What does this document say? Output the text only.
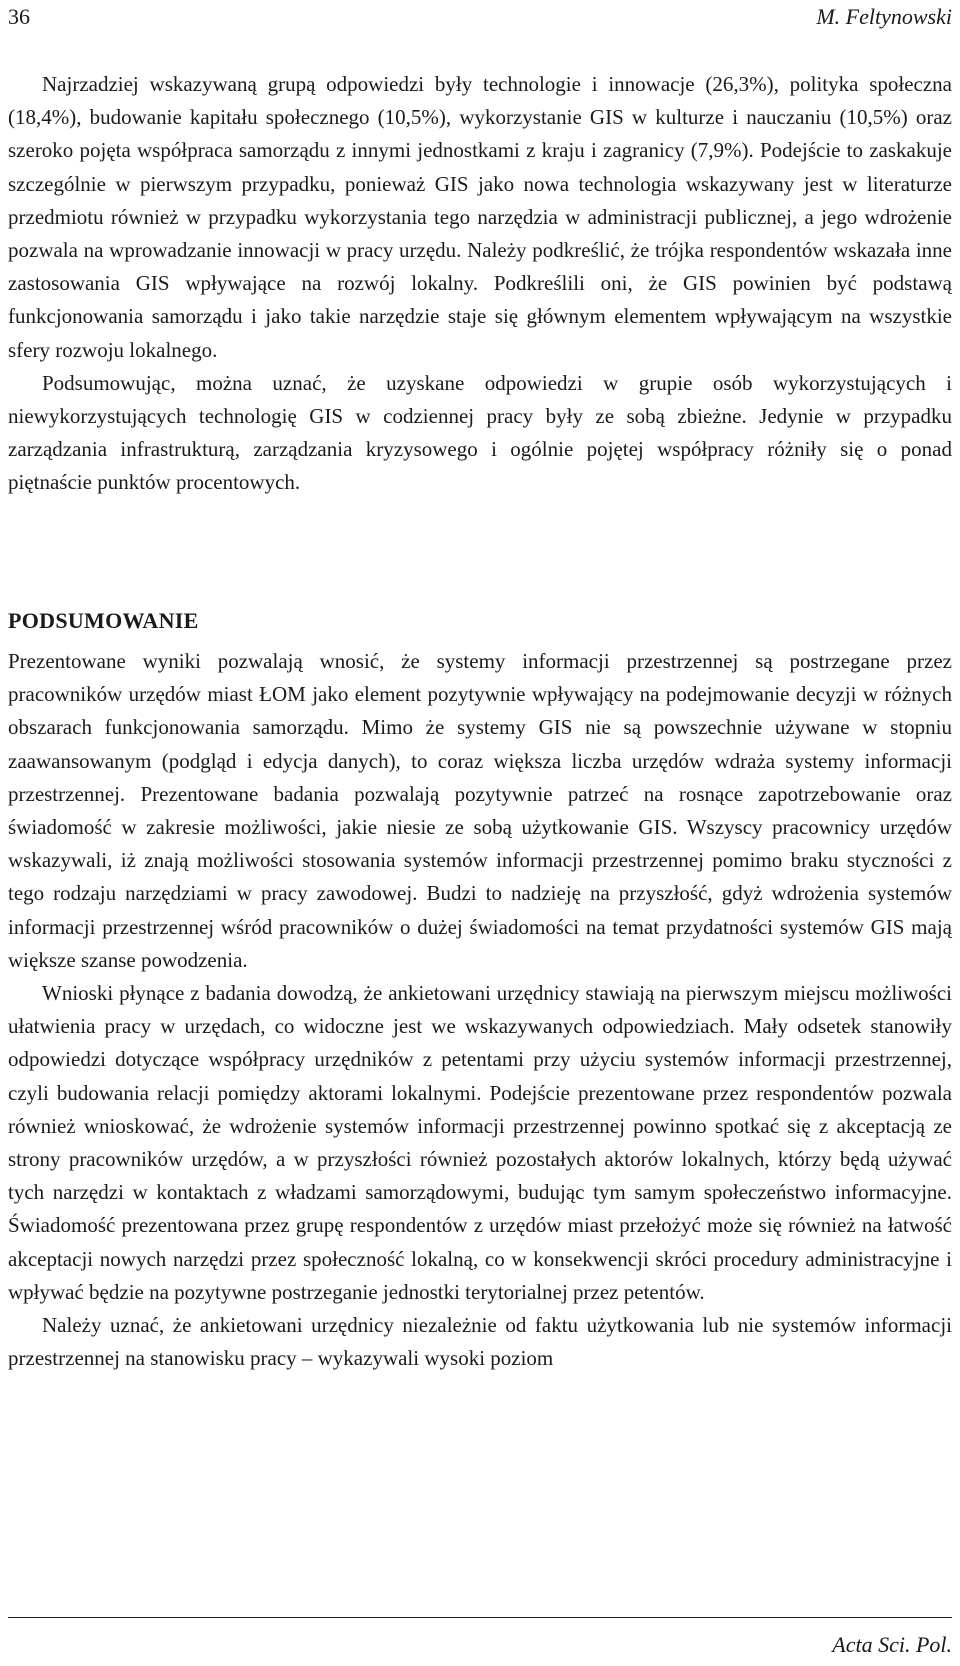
36	M. Feltynowski

Najrzadziej wskazywaną grupą odpowiedzi były technologie i innowacje (26,3%), polityka społeczna (18,4%), budowanie kapitału społecznego (10,5%), wykorzystanie GIS w kulturze i nauczaniu (10,5%) oraz szeroko pojęta współpraca samorządu z innymi jednostkami z kraju i zagranicy (7,9%). Podejście to zaskakuje szczególnie w pierwszym przypadku, ponieważ GIS jako nowa technologia wskazywany jest w literaturze przedmiotu również w przypadku wykorzystania tego narzędzia w administracji publicznej, a jego wdrożenie pozwala na wprowadzanie innowacji w pracy urzędu. Należy podkreślić, że trójka respondentów wskazała inne zastosowania GIS wpływające na rozwój lokalny. Podkreślili oni, że GIS powinien być podstawą funkcjonowania samorządu i jako takie narzędzie staje się głównym elementem wpływającym na wszystkie sfery rozwoju lokalnego.

Podsumowując, można uznać, że uzyskane odpowiedzi w grupie osób wykorzystujących i niewykorzystujących technologię GIS w codziennej pracy były ze sobą zbieżne. Jedynie w przypadku zarządzania infrastrukturą, zarządzania kryzysowego i ogólnie pojętej współpracy różniły się o ponad piętnaście punktów procentowych.

PODSUMOWANIE

Prezentowane wyniki pozwalają wnosić, że systemy informacji przestrzennej są postrzegane przez pracowników urzędów miast ŁOM jako element pozytywnie wpływający na podejmowanie decyzji w różnych obszarach funkcjonowania samorządu. Mimo że systemy GIS nie są powszechnie używane w stopniu zaawansowanym (podgląd i edycja danych), to coraz większa liczba urzędów wdraża systemy informacji przestrzennej. Prezentowane badania pozwalają pozytywnie patrzeć na rosnące zapotrzebowanie oraz świadomość w zakresie możliwości, jakie niesie ze sobą użytkowanie GIS. Wszyscy pracownicy urzędów wskazywali, iż znają możliwości stosowania systemów informacji przestrzennej pomimo braku styczności z tego rodzaju narzędziami w pracy zawodowej. Budzi to nadzieję na przyszłość, gdyż wdrożenia systemów informacji przestrzennej wśród pracowników o dużej świadomości na temat przydatności systemów GIS mają większe szanse powodzenia.

Wnioski płynące z badania dowodzą, że ankietowani urzędnicy stawiają na pierwszym miejscu możliwości ułatwienia pracy w urzędach, co widoczne jest we wskazywanych odpowiedziach. Mały odsetek stanowiły odpowiedzi dotyczące współpracy urzędników z petentami przy użyciu systemów informacji przestrzennej, czyli budowania relacji pomiędzy aktorami lokalnymi. Podejście prezentowane przez respondentów pozwala również wnioskować, że wdrożenie systemów informacji przestrzennej powinno spotkać się z akceptacją ze strony pracowników urzędów, a w przyszłości również pozostałych aktorów lokalnych, którzy będą używać tych narzędzi w kontaktach z władzami samorządowymi, budując tym samym społeczeństwo informacyjne. Świadomość prezentowana przez grupę respondentów z urzędów miast przełożyć może się również na łatwość akceptacji nowych narzędzi przez społeczność lokalną, co w konsekwencji skróci procedury administracyjne i wpływać będzie na pozytywne postrzeganie jednostki terytorialnej przez petentów.

Należy uznać, że ankietowani urzędnicy niezależnie od faktu użytkowania lub nie systemów informacji przestrzennej na stanowisku pracy – wykazywali wysoki poziom

Acta Sci. Pol.
